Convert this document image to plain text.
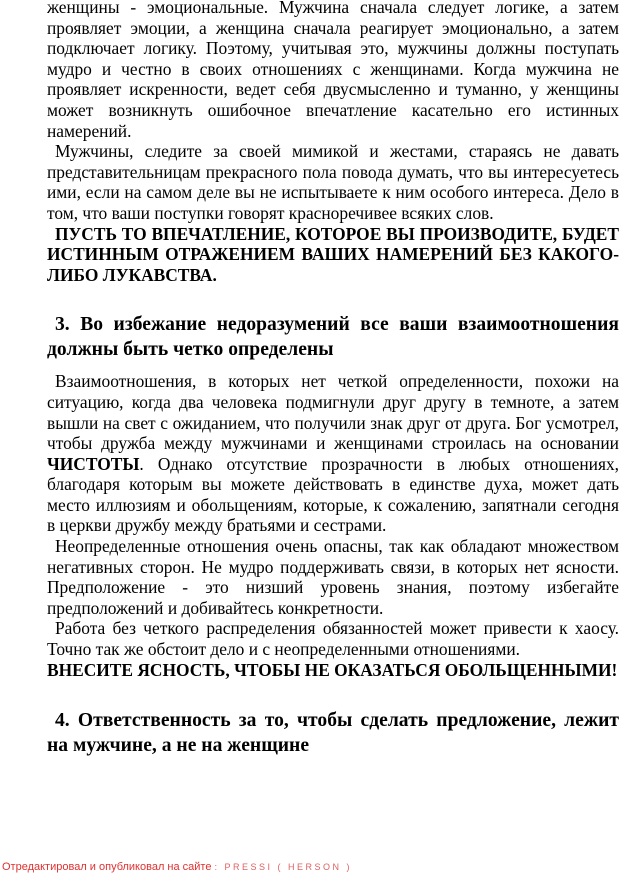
женщины - эмоциональные. Мужчина сначала следует логике, а затем проявляет эмоции, а женщина сначала реагирует эмоционально, а затем подключает логику. Поэтому, учитывая это, мужчины должны поступать мудро и честно в своих отношениях с женщинами. Когда мужчина не проявляет искренности, ведет себя двусмысленно и туманно, у женщины может возникнуть ошибочное впечатление касательно его истинных намерений.

Мужчины, следите за своей мимикой и жестами, стараясь не давать представительницам прекрасного пола повода думать, что вы интересуетесь ими, если на самом деле вы не испытываете к ним особого интереса. Дело в том, что ваши поступки говорят красноречивее всяких слов.

ПУСТЬ ТО ВПЕЧАТЛЕНИЕ, КОТОРОЕ ВЫ ПРОИЗВОДИТЕ, БУДЕТ ИСТИННЫМ ОТРАЖЕНИЕМ ВАШИХ НАМЕРЕНИЙ БЕЗ КАКОГО-ЛИБО ЛУКАВСТВА.

3. Во избежание недоразумений все ваши взаимоотношения должны быть четко определены

Взаимоотношения, в которых нет четкой определенности, похожи на ситуацию, когда два человека подмигнули друг другу в темноте, а затем вышли на свет с ожиданием, что получили знак друг от друга. Бог усмотрел, чтобы дружба между мужчинами и женщинами строилась на основании ЧИСТОТЫ. Однако отсутствие прозрачности в любых отношениях, благодаря которым вы можете действовать в единстве духа, может дать место иллюзиям и обольщениям, которые, к сожалению, запятнали сегодня в церкви дружбу между братьями и сестрами.

Неопределенные отношения очень опасны, так как обладают множеством негативных сторон. Не мудро поддерживать связи, в которых нет ясности. Предположение - это низший уровень знания, поэтому избегайте предположений и добивайтесь конкретности.

Работа без четкого распределения обязанностей может привести к хаосу. Точно так же обстоит дело и с неопределенными отношениями.

ВНЕСИТЕ ЯСНОСТЬ, ЧТОБЫ НЕ ОКАЗАТЬСЯ ОБОЛЬЩЕННЫМИ!

4. Ответственность за то, чтобы сделать предложение, лежит на мужчине, а не на женщине
Отредактировал и опубликовал на сайте : PRESSI ( HERSON )
